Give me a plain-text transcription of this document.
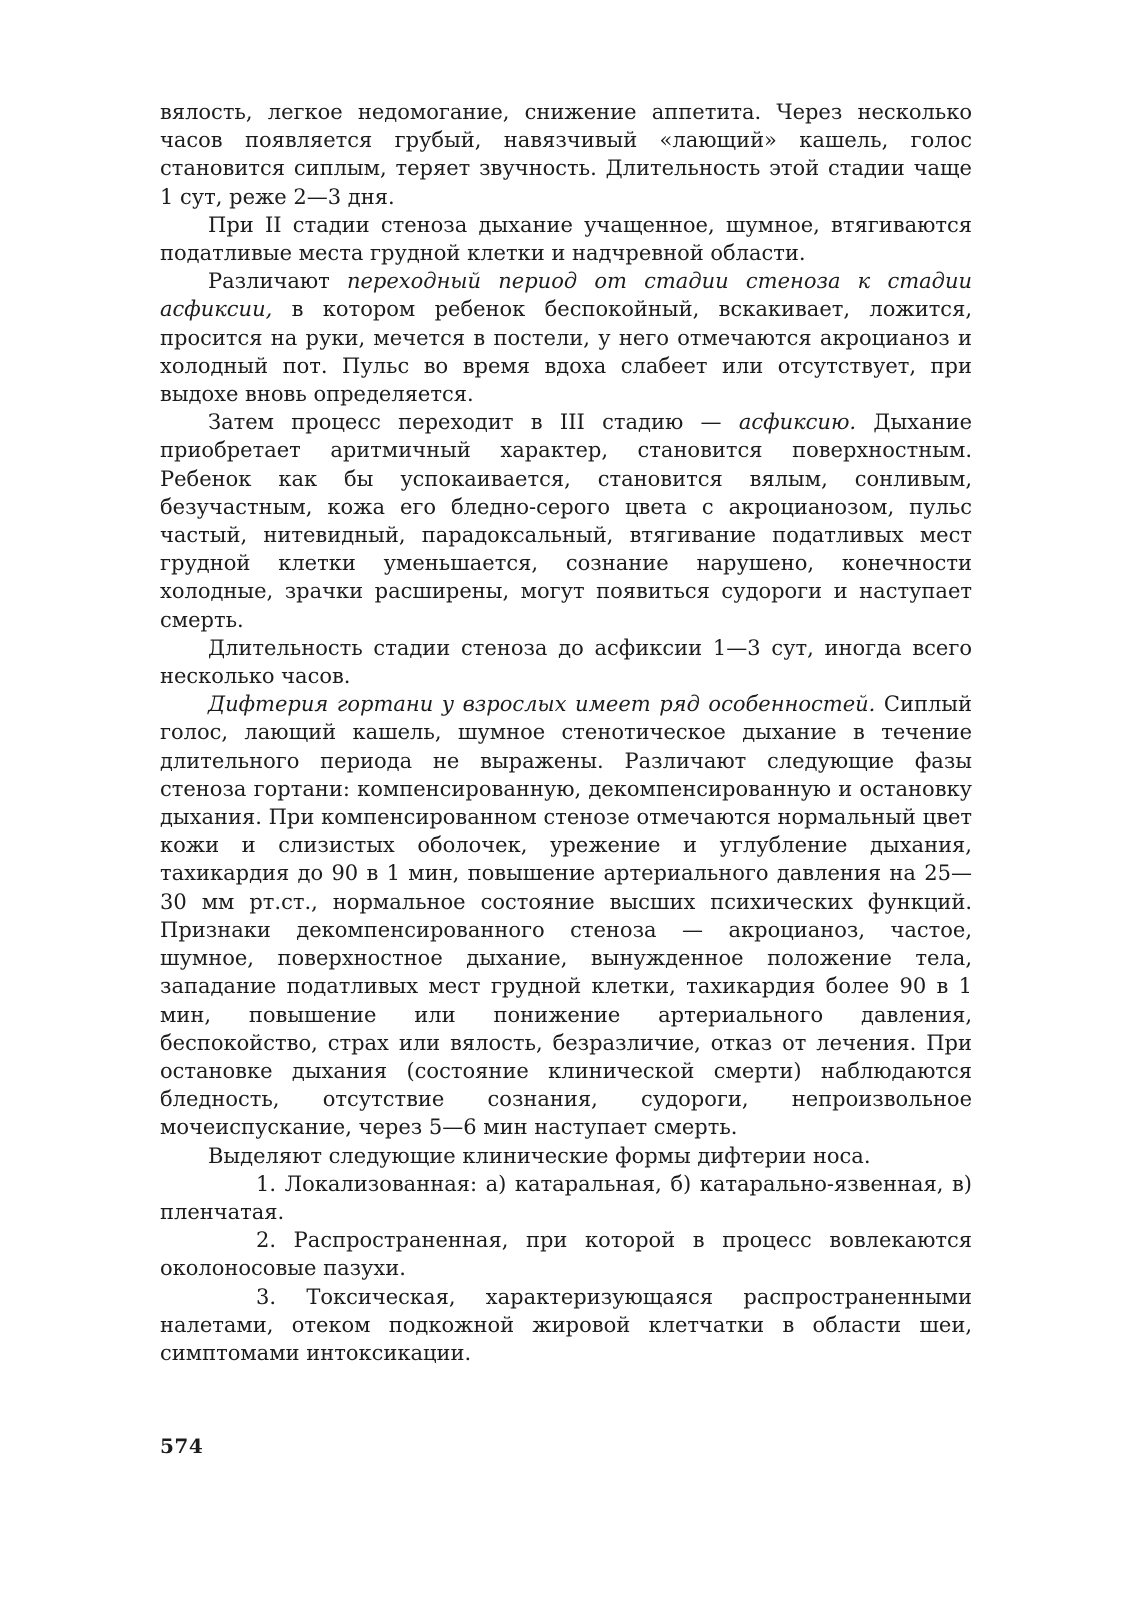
вялость, легкое недомогание, снижение аппетита. Через несколько часов появляется грубый, навязчивый «лающий» кашель, голос становится сиплым, теряет звучность. Длительность этой стадии чаще 1 сут, реже 2—3 дня.

При II стадии стеноза дыхание учащенное, шумное, втягиваются податливые места грудной клетки и надчревной области.

Различают переходный период от стадии стеноза к стадии асфиксии, в котором ребенок беспокойный, вскакивает, ложится, просится на руки, мечется в постели, у него отмечаются акроцианоз и холодный пот. Пульс во время вдоха слабеет или отсутствует, при выдохе вновь определяется.

Затем процесс переходит в III стадию — асфиксию. Дыхание приобретает аритмичный характер, становится поверхностным. Ребенок как бы успокаивается, становится вялым, сонливым, безучастным, кожа его бледно-серого цвета с акроцианозом, пульс частый, нитевидный, парадоксальный, втягивание податливых мест грудной клетки уменьшается, сознание нарушено, конечности холодные, зрачки расширены, могут появиться судороги и наступает смерть.

Длительность стадии стеноза до асфиксии 1—3 сут, иногда всего несколько часов.

Дифтерия гортани у взрослых имеет ряд особенностей. Сиплый голос, лающий кашель, шумное стенотическое дыхание в течение длительного периода не выражены. Различают следующие фазы стеноза гортани: компенсированную, декомпенсированную и остановку дыхания. При компенсированном стенозе отмечаются нормальный цвет кожи и слизистых оболочек, урежение и углубление дыхания, тахикардия до 90 в 1 мин, повышение артериального давления на 25—30 мм рт.ст., нормальное состояние высших психических функций. Признаки декомпенсированного стеноза — акроцианоз, частое, шумное, поверхностное дыхание, вынужденное положение тела, западание податливых мест грудной клетки, тахикардия более 90 в 1 мин, повышение или понижение артериального давления, беспокойство, страх или вялость, безразличие, отказ от лечения. При остановке дыхания (состояние клинической смерти) наблюдаются бледность, отсутствие сознания, судороги, непроизвольное мочеиспускание, через 5—6 мин наступает смерть.

Выделяют следующие клинические формы дифтерии носа.

1. Локализованная: а) катаральная, б) катарально-язвенная, в) пленчатая.

2. Распространенная, при которой в процесс вовлекаются околоносовые пазухи.

3. Токсическая, характеризующаяся распространенными налетами, отеком подкожной жировой клетчатки в области шеи, симптомами интоксикации.

574
